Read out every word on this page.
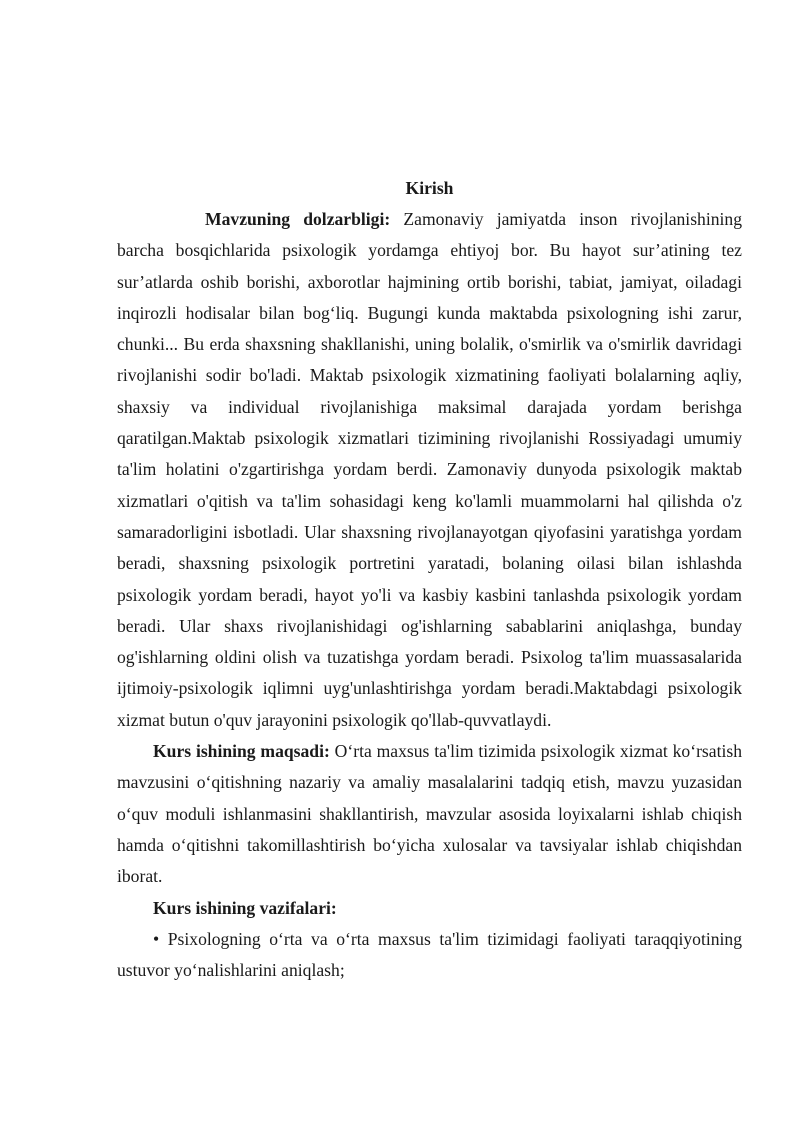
Kirish

Mavzuning dolzarbligi: Zamonaviy jamiyatda inson rivojlanishining barcha bosqichlarida psixologik yordamga ehtiyoj bor. Bu hayot sur’atining tez sur’atlarda oshib borishi, axborotlar hajmining ortib borishi, tabiat, jamiyat, oiladagi inqirozli hodisalar bilan bog‘liq. Bugungi kunda maktabda psixologning ishi zarur, chunki... Bu erda shaxsning shakllanishi, uning bolalik, o'smirlik va o'smirlik davridagi rivojlanishi sodir bo'ladi. Maktab psixologik xizmatining faoliyati bolalarning aqliy, shaxsiy va individual rivojlanishiga maksimal darajada yordam berishga qaratilgan.Maktab psixologik xizmatlari tizimining rivojlanishi Rossiyadagi umumiy ta'lim holatini o'zgartirishga yordam berdi. Zamonaviy dunyoda psixologik maktab xizmatlari o'qitish va ta'lim sohasidagi keng ko'lamli muammolarni hal qilishda o'z samaradorligini isbotladi. Ular shaxsning rivojlanayotgan qiyofasini yaratishga yordam beradi, shaxsning psixologik portretini yaratadi, bolaning oilasi bilan ishlashda psixologik yordam beradi, hayot yo'li va kasbiy kasbini tanlashda psixologik yordam beradi. Ular shaxs rivojlanishidagi og'ishlarning sabablarini aniqlashga, bunday og'ishlarning oldini olish va tuzatishga yordam beradi. Psixolog ta'lim muassasalarida ijtimoiy-psixologik iqlimni uyg'unlashtirishga yordam beradi.Maktabdagi psixologik xizmat butun o'quv jarayonini psixologik qo'llab-quvvatlaydi.

Kurs ishining maqsadi: O‘rta maxsus ta'lim tizimida psixologik xizmat ko‘rsatish mavzusini o‘qitishning nazariy va amaliy masalalarini tadqiq etish, mavzu yuzasidan o‘quv moduli ishlanmasini shakllantirish, mavzular asosida loyixalarni ishlab chiqish hamda o‘qitishni takomillashtirish bo‘yicha xulosalar va tavsiyalar ishlab chiqishdan iborat.

Kurs ishining vazifalari:

• Psixologning o‘rta va o‘rta maxsus ta'lim tizimidagi faoliyati taraqqiyotining ustuvor yo‘nalishlarini aniqlash;
